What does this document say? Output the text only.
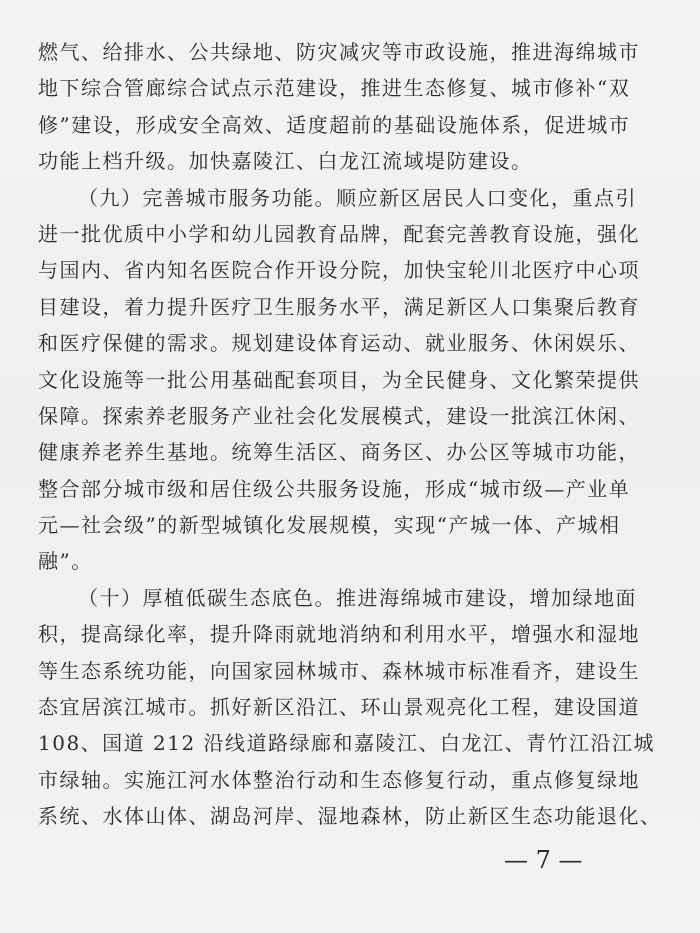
燃气、给排水、公共绿地、防灾减灾等市政设施，推进海绵城市
地下综合管廊综合试点示范建设，推进生态修复、城市修补“双
修”建设，形成安全高效、适度超前的基础设施体系，促进城市
功能上档升级。加快嘉陵江、白龙江流域堤防建设。
（九）完善城市服务功能。顺应新区居民人口变化，重点引
进一批优质中小学和幼儿园教育品牌，配套完善教育设施，强化
与国内、省内知名医院合作开设分院，加快宝轮川北医疗中心项
目建设，着力提升医疗卫生服务水平，满足新区人口集聚后教育
和医疗保健的需求。规划建设体育运动、就业服务、休闲娱乐、
文化设施等一批公用基础配套项目，为全民健身、文化繁荣提供
保障。探索养老服务产业社会化发展模式，建设一批滨江休闲、
健康养老养生基地。统筹生活区、商务区、办公区等城市功能，
整合部分城市级和居住级公共服务设施，形成“城市级—产业单
元—社会级”的新型城镇化发展规模，实现“产城一体、产城相
融”。
（十）厚植低碳生态底色。推进海绵城市建设，增加绿地面
积，提高绿化率，提升降雨就地消纳和利用水平，增强水和湿地
等生态系统功能，向国家园林城市、森林城市标准看齐，建设生
态宜居滨江城市。抓好新区沿江、环山景观亮化工程，建设国道
108、国道 212 沿线道路绿廊和嘉陵江、白龙江、青竹江沿江城
市绿轴。实施江河水体整治行动和生态修复行动，重点修复绿地
系统、水体山体、湖岛河岸、湿地森林，防止新区生态功能退化、
— 7 —
